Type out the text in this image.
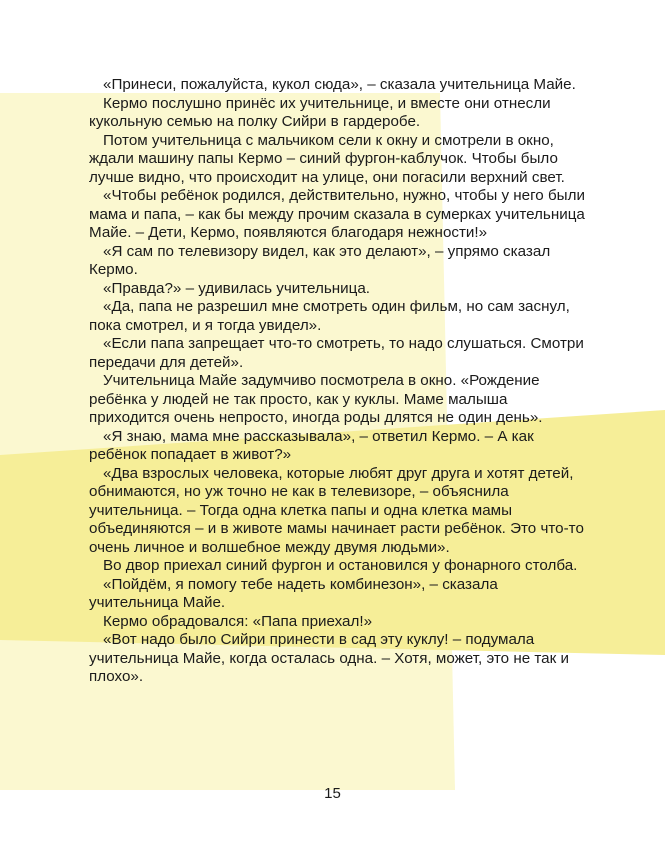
«Принеси, пожалуйста, кукол сюда», – сказала учительница Майе.

Кермо послушно принёс их учительнице, и вместе они отнесли кукольную семью на полку Сийри в гардеробе.

Потом учительница с мальчиком сели к окну и смотрели в окно, ждали машину папы Кермо – синий фургон-каблучок. Чтобы было лучше видно, что происходит на улице, они погасили верхний свет.

«Чтобы ребёнок родился, действительно, нужно, чтобы у него были мама и папа, – как бы между прочим сказала в сумерках учительница Майе. – Дети, Кермо, появляются благодаря нежности!»

«Я сам по телевизору видел, как это делают», – упрямо сказал Кермо.

«Правда?» – удивилась учительница.

«Да, папа не разрешил мне смотреть один фильм, но сам заснул, пока смотрел, и я тогда увидел».

«Если папа запрещает что-то смотреть, то надо слушаться. Смотри передачи для детей».

Учительница Майе задумчиво посмотрела в окно. «Рождение ребёнка у людей не так просто, как у куклы. Маме малыша приходится очень непросто, иногда роды длятся не один день».

«Я знаю, мама мне рассказывала», – ответил Кермо. – А как ребёнок попадает в живот?»

«Два взрослых человека, которые любят друг друга и хотят детей, обнимаются, но уж точно не как в телевизоре, – объяснила учительница. – Тогда одна клетка папы и одна клетка мамы объединяются – и в животе мамы начинает расти ребёнок. Это что-то очень личное и волшебное между двумя людьми».

Во двор приехал синий фургон и остановился у фонарного столба.

«Пойдём, я помогу тебе надеть комбинезон», – сказала учительница Майе.

Кермо обрадовался: «Папа приехал!»

«Вот надо было Сийри принести в сад эту куклу! – подумала учительница Майе, когда осталась одна. – Хотя, может, это не так и плохо».

15
